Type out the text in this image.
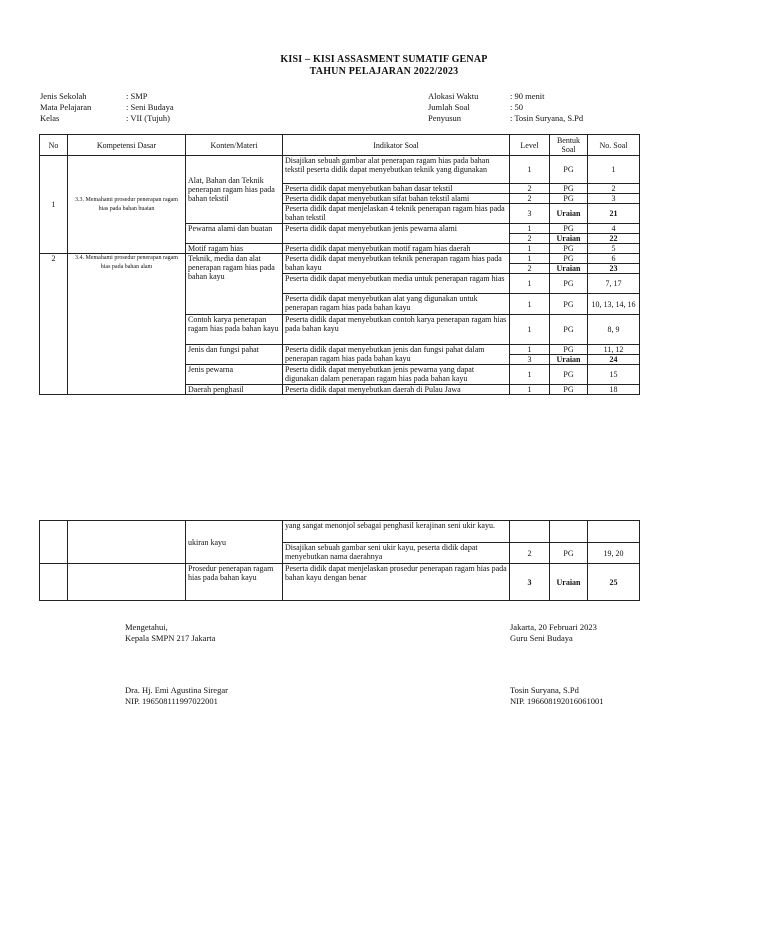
KISI – KISI ASSASMENT SUMATIF GENAP
TAHUN PELAJARAN 2022/2023
Jenis Sekolah	: SMP
Mata Pelajaran	: Seni Budaya
Kelas	: VII (Tujuh)
Alokasi Waktu	: 90 menit
Jumlah Soal	: 50
Penyusun	: Tosin Suryana, S.Pd
No	Kompetensi Dasar	Konten/Materi	Indikator Soal	Level	Bentuk Soal	No. Soal
1	3.3. Memahami prosedur penerapan ragam hias pada bahan buatan	Alat, Bahan dan Teknik penerapan ragam hias pada bahan tekstil	Disajikan sebuah gambar alat penerapan ragam hias pada bahan tekstil peserta didik dapat menyebutkan teknik yang digunakan	1	PG	1
			Peserta didik dapat menyebutkan bahan dasar tekstil	2	PG	2
			Peserta didik dapat menyebutkan sifat bahan tekstil alami	2	PG	3
			Peserta didik dapat menjelaskan 4 teknik penerapan ragam hias pada bahan tekstil	3	Uraian	21
		Pewarna alami dan buatan	Peserta didik dapat menyebutkan jenis pewarna alami	1	PG	4
				2	Uraian	22
		Motif ragam hias	Peserta didik dapat menyebutkan motif ragam hias daerah	1	PG	5
2	3.4. Memahami prosedur penerapan ragam hias pada bahan alam	Teknik, media dan alat penerapan ragam hias pada bahan kayu	Peserta didik dapat menyebutkan teknik penerapan ragam hias pada bahan kayu	1	PG	6
				2	Uraian	23
			Peserta didik dapat menyebutkan media untuk penerapan ragam hias	1	PG	7, 17
			Peserta didik dapat menyebutkan alat yang digunakan untuk penerapan ragam hias pada bahan kayu	1	PG	10, 13, 14, 16
		Contoh karya penerapan ragam hias pada bahan kayu	Peserta didik dapat menyebutkan contoh karya penerapan ragam hias pada bahan kayu	1	PG	8, 9
		Jenis dan fungsi pahat	Peserta didik dapat menyebutkan jenis dan fungsi pahat dalam penerapan ragam hias pada bahan kayu	1	PG	11, 12
				3	Uraian	24
		Jenis pewarna	Peserta didik dapat menyebutkan jenis pewarna yang dapat digunakan dalam penerapan ragam hias pada bahan kayu	1	PG	15
		Daerah penghasil	Peserta didik dapat menyebutkan daerah di Pulau Jawa	1	PG	18
		ukiran kayu	yang sangat menonjol sebagai penghasil kerajinan seni ukir kayu.			
			Disajikan sebuah gambar seni ukir kayu, peserta didik dapat menyebutkan nama daerahnya	2	PG	19, 20
		Prosedur penerapan ragam hias pada bahan kayu	Peserta didik dapat menjelaskan prosedur penerapan ragam hias pada bahan kayu dengan benar	3	Uraian	25
Mengetahui,
Kepala SMPN 217 Jakarta
Dra. Hj. Emi Agustina Siregar
NIP. 196508111997022001
Jakarta, 20 Februari 2023
Guru Seni Budaya
Tosin Suryana, S.Pd
NIP. 196608192016061001
